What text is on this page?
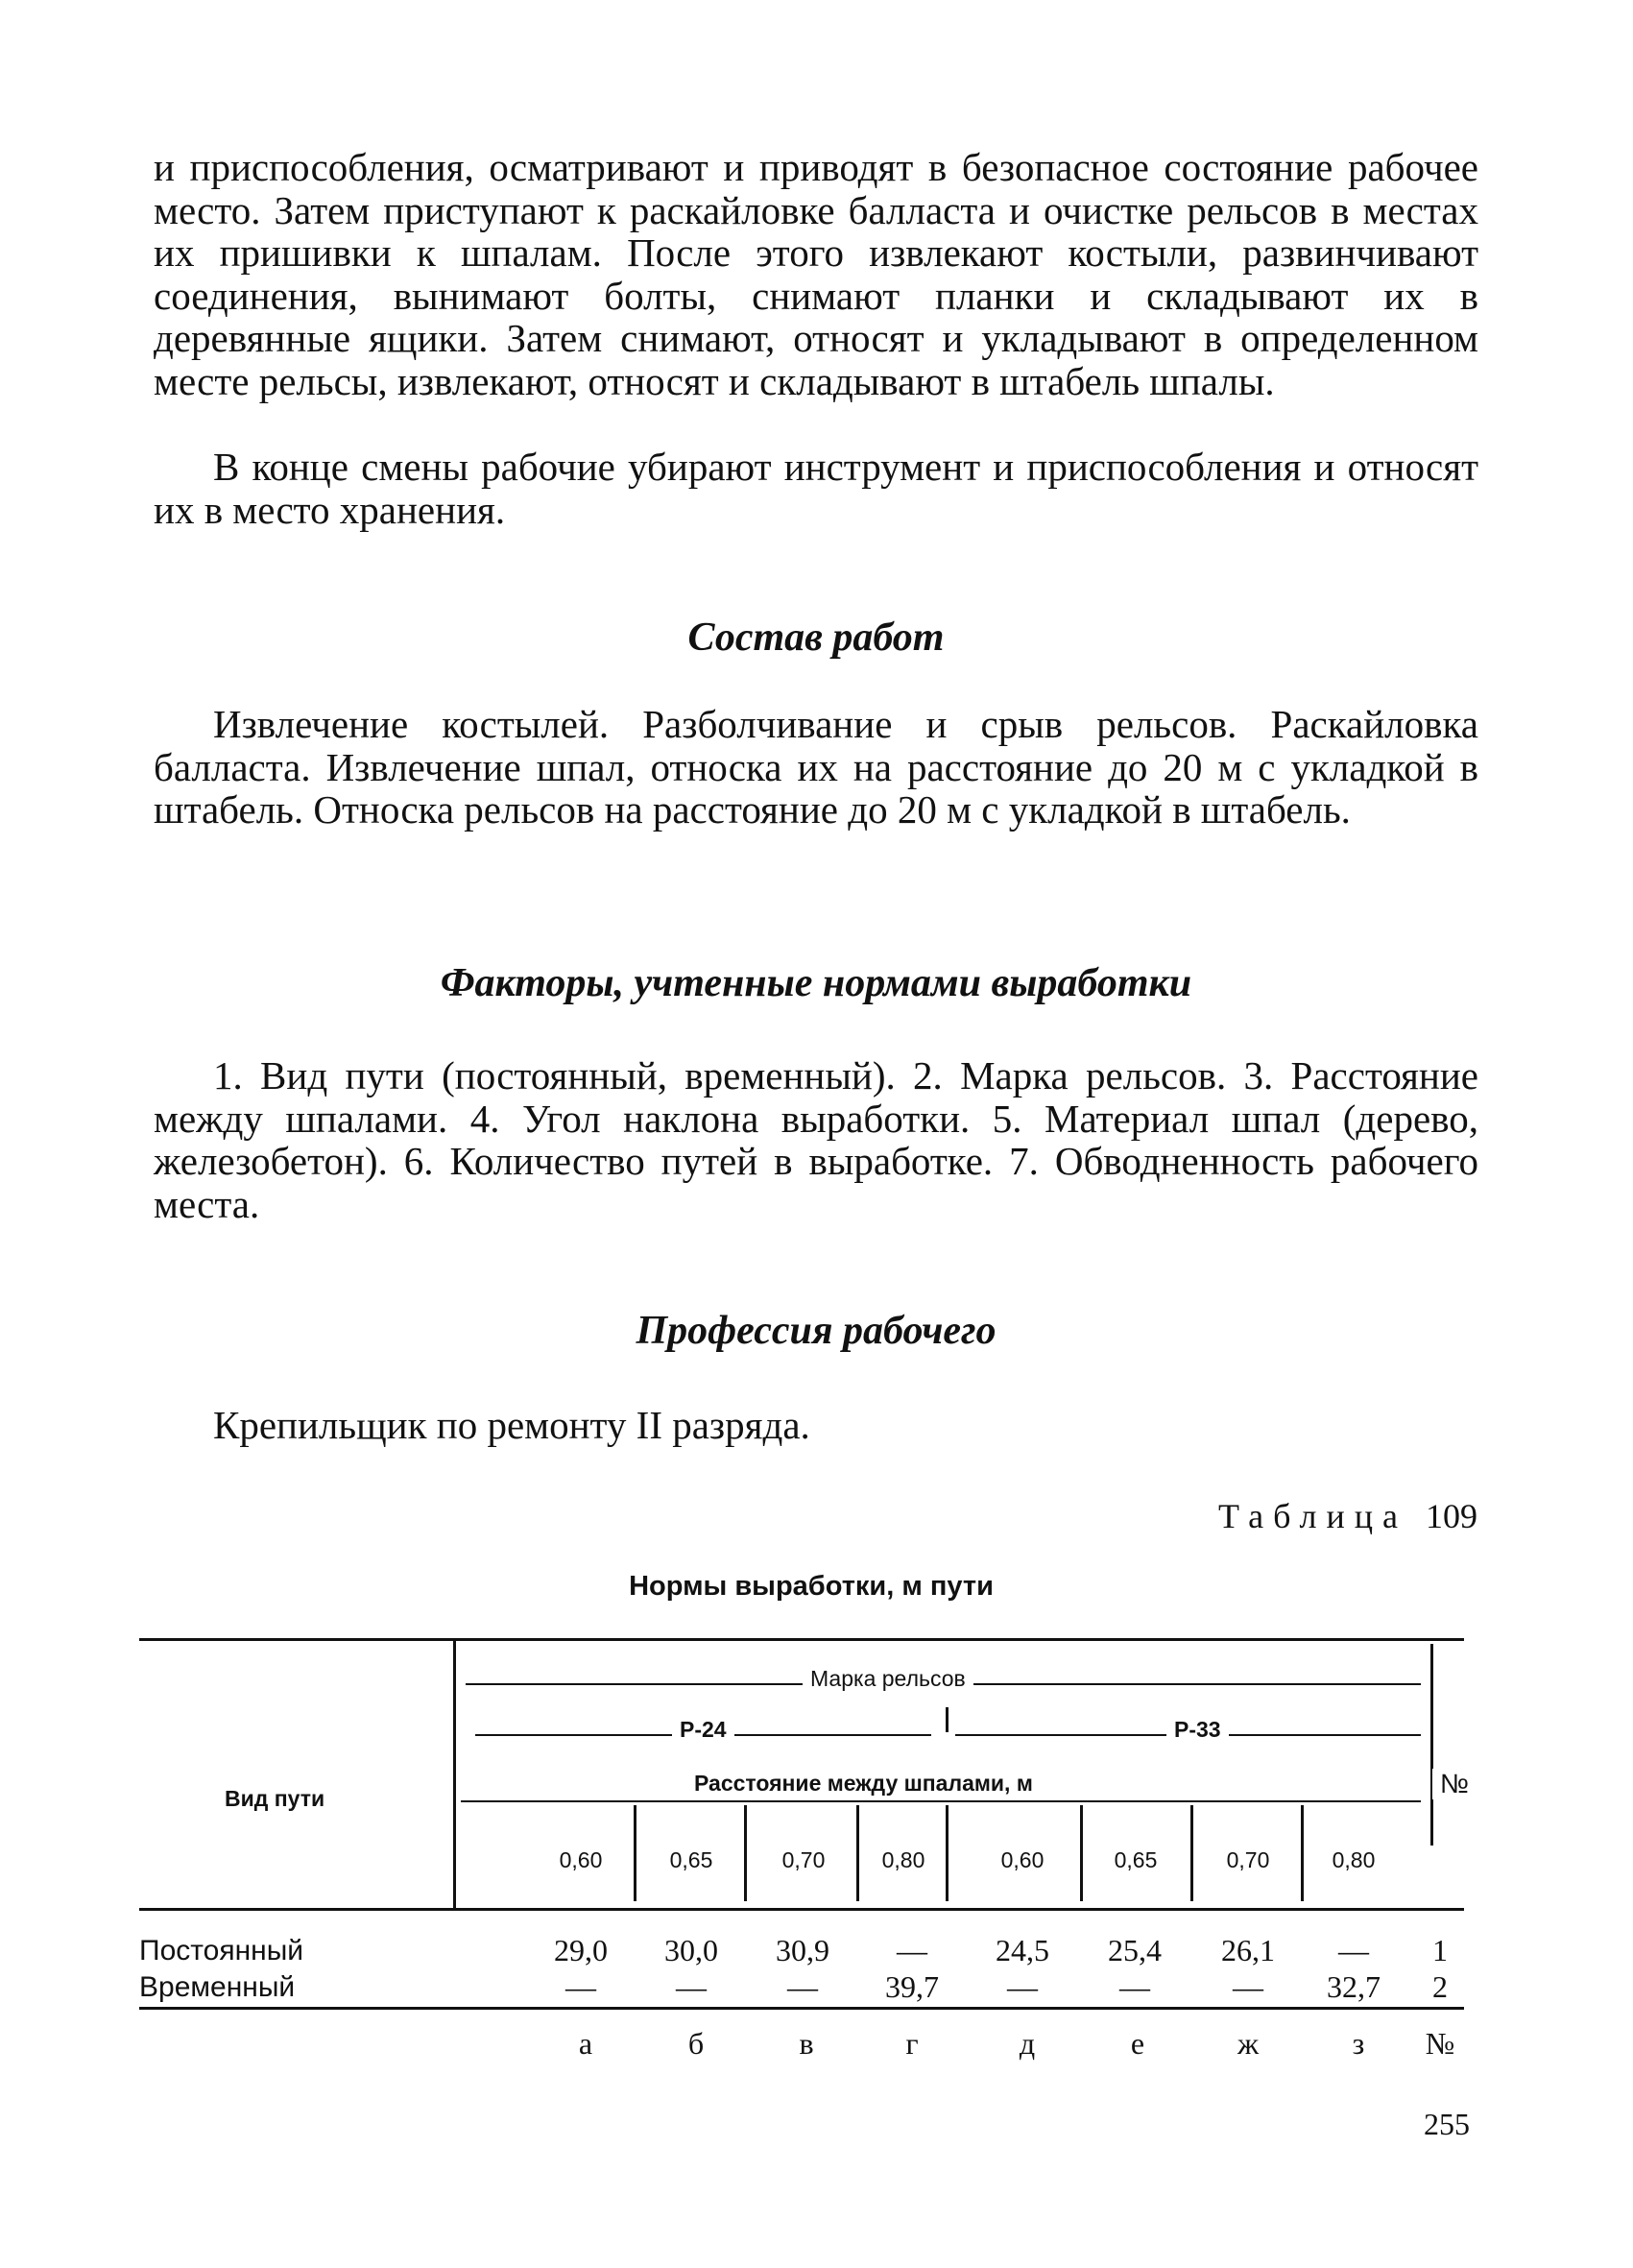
и приспособления, осматривают и приводят в безопасное состояние рабочее место. Затем приступают к раскайловке балласта и очистке рельсов в местах их пришивки к шпалам. После этого извлекают костыли, развинчивают соединения, вынимают болты, снимают планки и складывают их в деревянные ящики. Затем снимают, относят и укладывают в определенном месте рельсы, извлекают, относят и складывают в штабель шпалы.

В конце смены рабочие убирают инструмент и приспособления и относят их в место хранения.

Состав работ

Извлечение костылей. Разболчивание и срыв рельсов. Раскайловка балласта. Извлечение шпал, относка их на расстояние до 20 м с укладкой в штабель. Относка рельсов на расстояние до 20 м с укладкой в штабель.

Факторы, учтенные нормами выработки

1. Вид пути (постоянный, временный). 2. Марка рельсов. 3. Расстояние между шпалами. 4. Угол наклона выработки. 5. Материал шпал (дерево, железобетон). 6. Количество путей в выработке. 7. Обводненность рабочего места.

Профессия рабочего

Крепильщик по ремонту II разряда.

Таблица 109
Нормы выработки, м пути
Марка рельсов
Р-24	Р-33
Расстояние между шпалами, м
Вид пути	№
0,60	0,65	0,70	0,80	0,60	0,65	0,70	0,80
Постоянный	29,0	30,0	30,9	—	24,5	25,4	26,1	—	1
Временный	—	—	—	39,7	—	—	—	32,7	2
а	б	в	г	д	е	ж	з	№
255
